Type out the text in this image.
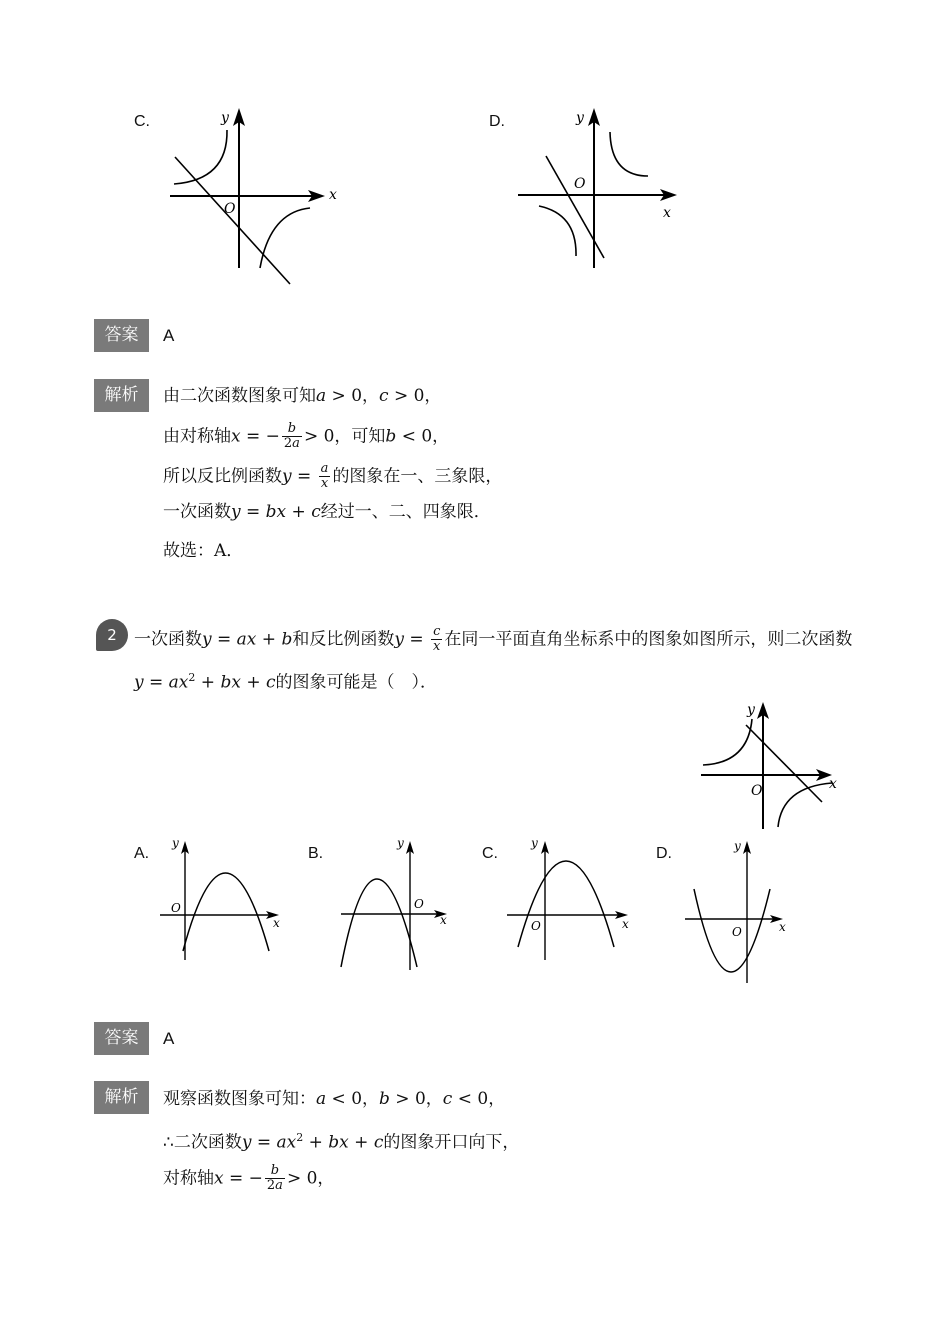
C.	D.
x
y
O	x
y
O
答案	A
解析	由二次函数图象可知a > 0，c > 0，
由对称轴x = − $\frac{b}{2a} > 0$，可知b < 0，
所以反比例函数$y = \frac{a}{x}$ 的图象在一、三象限，
一次函数y = bx + c经过一、二、四象限．
故选：A．
2	一次函数y = ax + b和反比例函数$y = \frac{c}{x}$ 在同一平面直角坐标系中的图象如图所示，则二次函数
$y = ax^2$ + bx + c的图象可能是（　）．
x
y
O
A.	B.	C.	D.
x
y
O
x
y
O
x
y
O	x
y
O
答案	A
解析	观察函数图象可知：a < 0，b > 0，c < 0，
∴二次函数$y = ax^2$ + bx + c的图象开口向下，
对称轴x = − $\frac{b}{2a} > 0$，
